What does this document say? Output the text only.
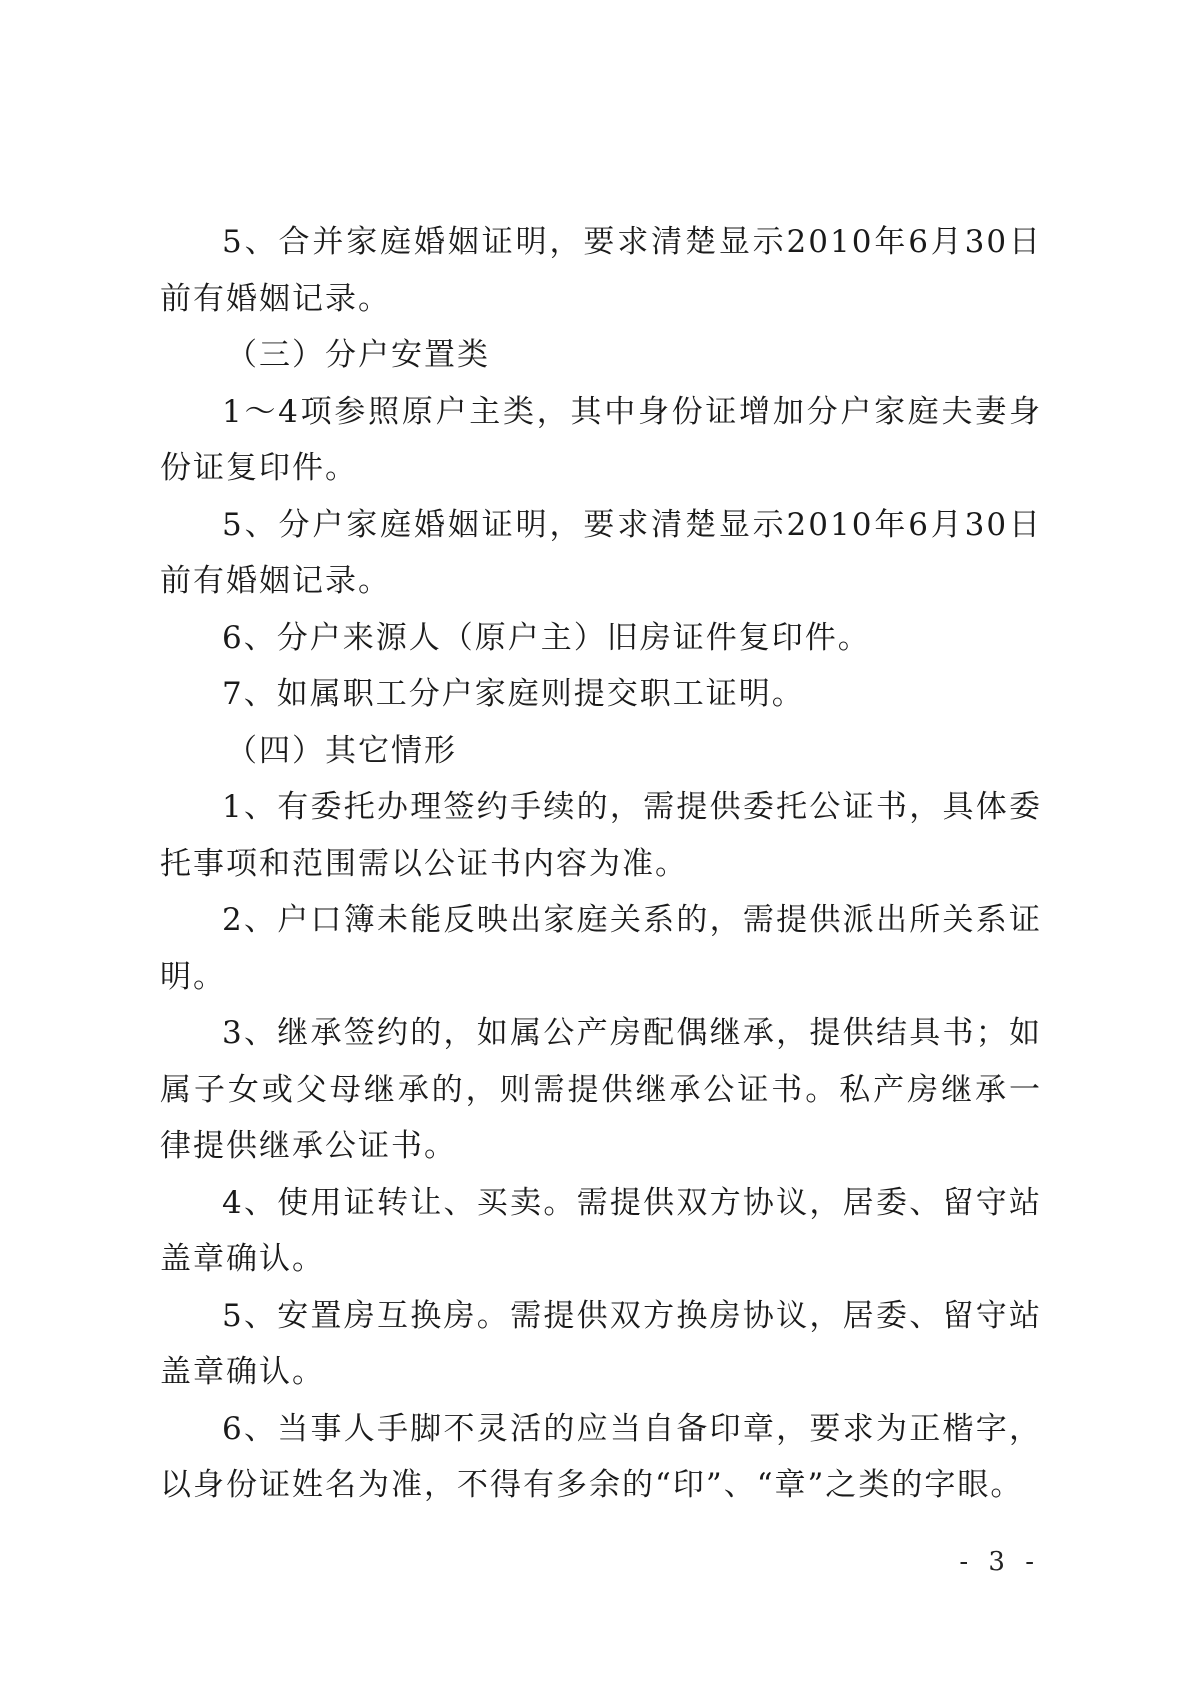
5、合并家庭婚姻证明，要求清楚显示2010年6月30日前有婚姻记录。

（三）分户安置类

1～4项参照原户主类，其中身份证增加分户家庭夫妻身份证复印件。

5、分户家庭婚姻证明，要求清楚显示2010年6月30日前有婚姻记录。

6、分户来源人（原户主）旧房证件复印件。

7、如属职工分户家庭则提交职工证明。

（四）其它情形

1、有委托办理签约手续的，需提供委托公证书，具体委托事项和范围需以公证书内容为准。

2、户口簿未能反映出家庭关系的，需提供派出所关系证明。

3、继承签约的，如属公产房配偶继承，提供结具书；如属子女或父母继承的，则需提供继承公证书。私产房继承一律提供继承公证书。

4、使用证转让、买卖。需提供双方协议，居委、留守站盖章确认。

5、安置房互换房。需提供双方换房协议，居委、留守站盖章确认。

6、当事人手脚不灵活的应当自备印章，要求为正楷字，以身份证姓名为准，不得有多余的“印”、“章”之类的字眼。

- 3 -
